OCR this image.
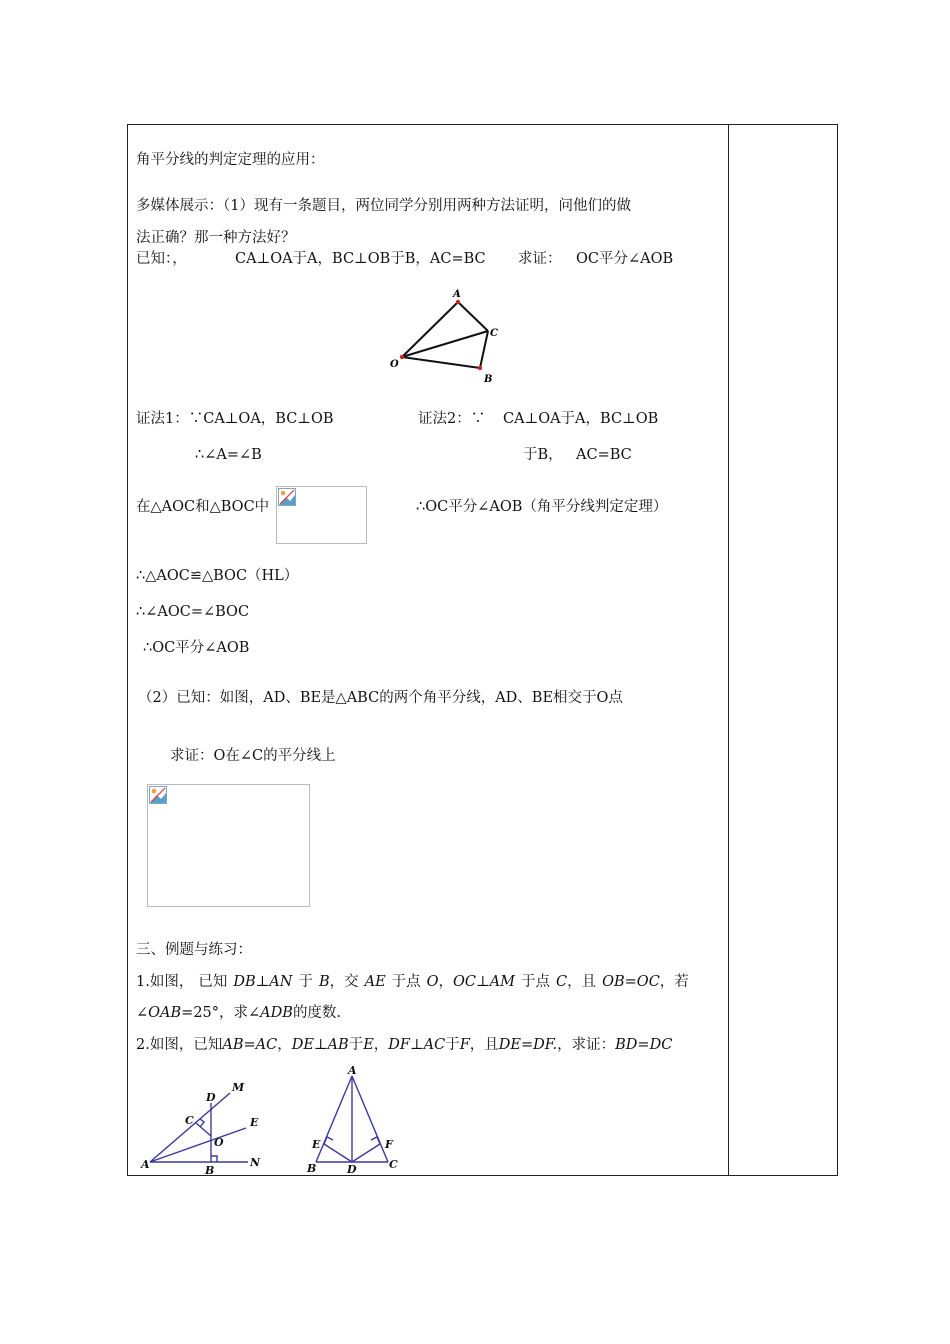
角平分线的判定定理的应用：
多媒体展示：（1）现有一条题目，两位同学分别用两种方法证明，问他们的做
法正确？那一种方法好？
已知：，	CA⊥OA于A，BC⊥OB于B，AC=BC 求证： OC平分∠AOB
A
C
B
O
证法1：∵CA⊥OA，BC⊥OB	证法2：∵ CA⊥OA于A，BC⊥OB
∴∠A=∠B	于B， AC=BC
在△AOC和△BOC中	∴OC平分∠AOB（角平分线判定定理）
∴△AOC≌△BOC（HL）
∴∠AOC=∠BOC
∴OC平分∠AOB
（2）已知：如图，AD、BE是△ABC的两个角平分线，AD、BE相交于O点
求证：O在∠C的平分线上
三、例题与练习：
1.如图， 已知 DB⊥AN 于 B，交 AE 于点 O，OC⊥AM 于点 C，且 OB=OC，若
∠OAB=25°，求∠ADB的度数.
2.如图，已知AB=AC，DE⊥AB于E，DF⊥AC于F，且DE=DF.，求证：BD=DC
A	B
C
D
E
M
N
O
A
B	C
D
E	F
